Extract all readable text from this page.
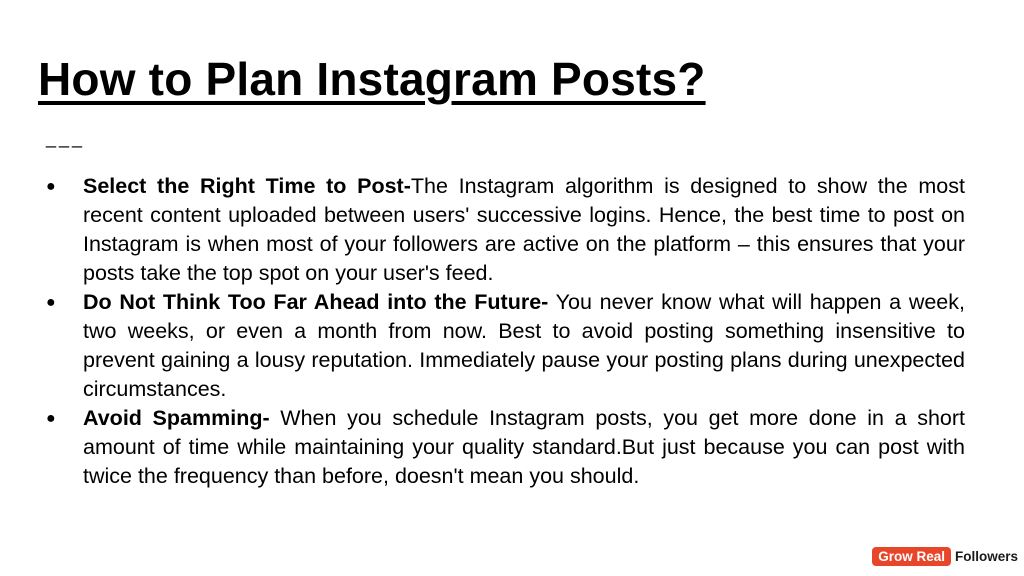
How to Plan Instagram Posts?
___
● Select the Right Time to Post-The Instagram algorithm is designed to show the most recent content uploaded between users' successive logins. Hence, the best time to post on Instagram is when most of your followers are active on the platform – this ensures that your posts take the top spot on your user's feed.
● Do Not Think Too Far Ahead into the Future- You never know what will happen a week, two weeks, or even a month from now. Best to avoid posting something insensitive to prevent gaining a lousy reputation. Immediately pause your posting plans during unexpected circumstances.
● Avoid Spamming- When you schedule Instagram posts, you get more done in a short amount of time while maintaining your quality standard.But just because you can post with twice the frequency than before, doesn't mean you should.
Grow Real Followers
